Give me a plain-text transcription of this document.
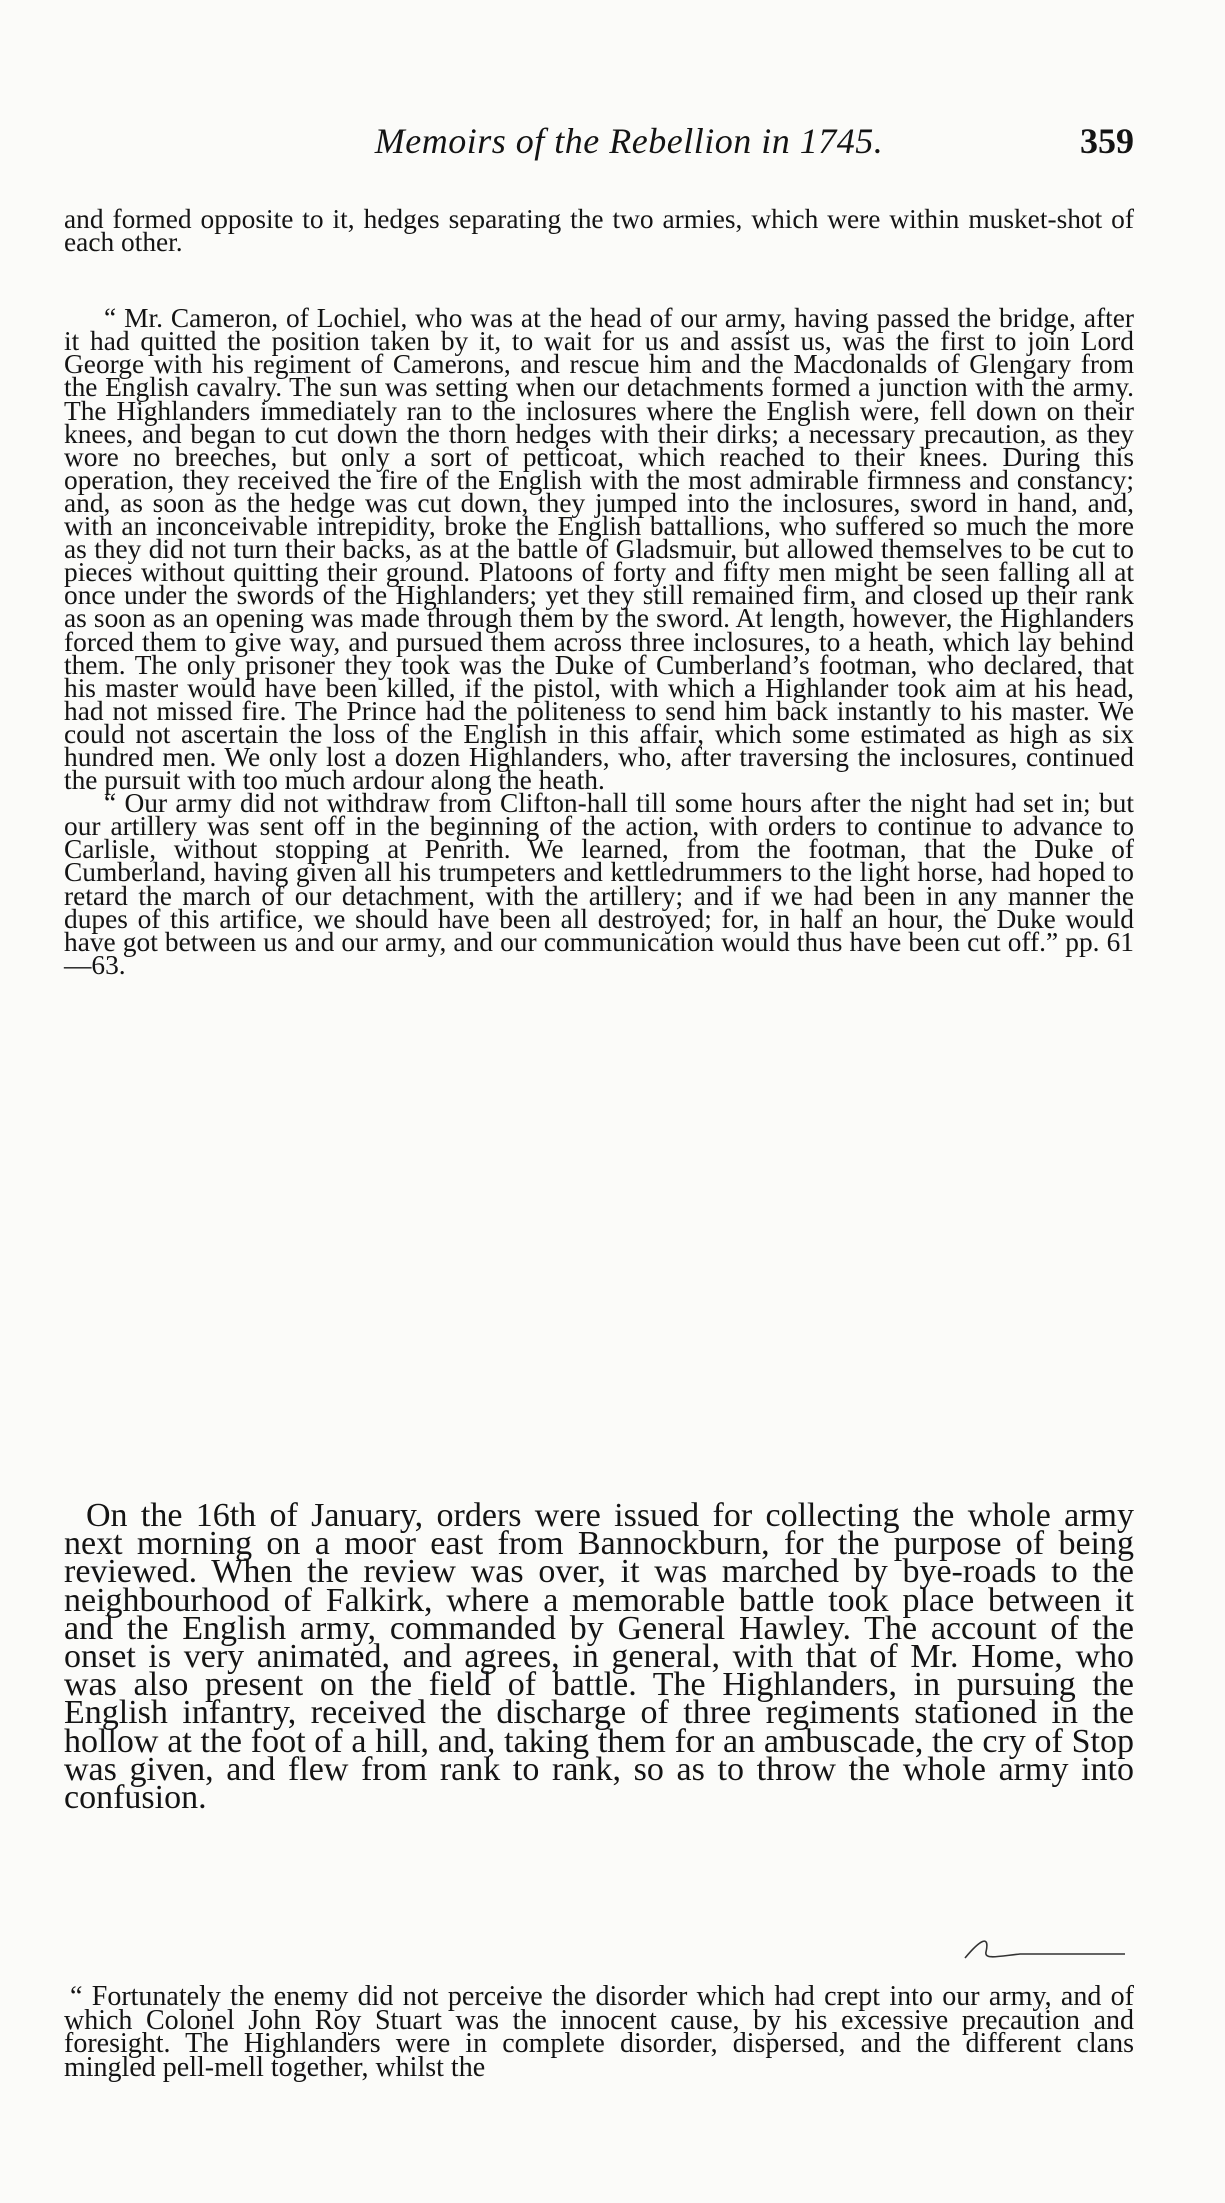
Memoirs of the Rebellion in 1745.	359

and formed opposite to it, hedges separating the two armies, which were within musket-shot of each other.

“ Mr. Cameron, of Lochiel, who was at the head of our army, having passed the bridge, after it had quitted the position taken by it, to wait for us and assist us, was the first to join Lord George with his regiment of Camerons, and rescue him and the Macdonalds of Glengary from the English cavalry. The sun was setting when our detachments formed a junction with the army. The Highlanders immediately ran to the inclosures where the English were, fell down on their knees, and began to cut down the thorn hedges with their dirks; a necessary precaution, as they wore no breeches, but only a sort of petticoat, which reached to their knees. During this operation, they received the fire of the English with the most admirable firmness and constancy; and, as soon as the hedge was cut down, they jumped into the inclosures, sword in hand, and, with an inconceivable intrepidity, broke the English battallions, who suffered so much the more as they did not turn their backs, as at the battle of Gladsmuir, but allowed themselves to be cut to pieces without quitting their ground. Platoons of forty and fifty men might be seen falling all at once under the swords of the Highlanders; yet they still remained firm, and closed up their rank as soon as an opening was made through them by the sword. At length, however, the Highlanders forced them to give way, and pursued them across three inclosures, to a heath, which lay behind them. The only prisoner they took was the Duke of Cumberland’s footman, who declared, that his master would have been killed, if the pistol, with which a Highlander took aim at his head, had not missed fire. The Prince had the politeness to send him back instantly to his master. We could not ascertain the loss of the English in this affair, which some estimated as high as six hundred men. We only lost a dozen Highlanders, who, after traversing the inclosures, continued the pursuit with too much ardour along the heath.

“ Our army did not withdraw from Clifton-hall till some hours after the night had set in; but our artillery was sent off in the beginning of the action, with orders to continue to advance to Carlisle, without stopping at Penrith. We learned, from the footman, that the Duke of Cumberland, having given all his trumpeters and kettledrummers to the light horse, had hoped to retard the march of our detachment, with the artillery; and if we had been in any manner the dupes of this artifice, we should have been all destroyed; for, in half an hour, the Duke would have got between us and our army, and our communication would thus have been cut off.” pp. 61—63.

On the 16th of January, orders were issued for collecting the whole army next morning on a moor east from Bannockburn, for the purpose of being reviewed. When the review was over, it was marched by bye-roads to the neighbourhood of Falkirk, where a memorable battle took place between it and the English army, commanded by General Hawley. The account of the onset is very animated, and agrees, in general, with that of Mr. Home, who was also present on the field of battle. The Highlanders, in pursuing the English infantry, received the discharge of three regiments stationed in the hollow at the foot of a hill, and, taking them for an ambuscade, the cry of Stop was given, and flew from rank to rank, so as to throw the whole army into confusion.

“ Fortunately the enemy did not perceive the disorder which had crept into our army, and of which Colonel John Roy Stuart was the innocent cause, by his excessive precaution and foresight. The Highlanders were in complete disorder, dispersed, and the different clans mingled pell-mell together, whilst the
